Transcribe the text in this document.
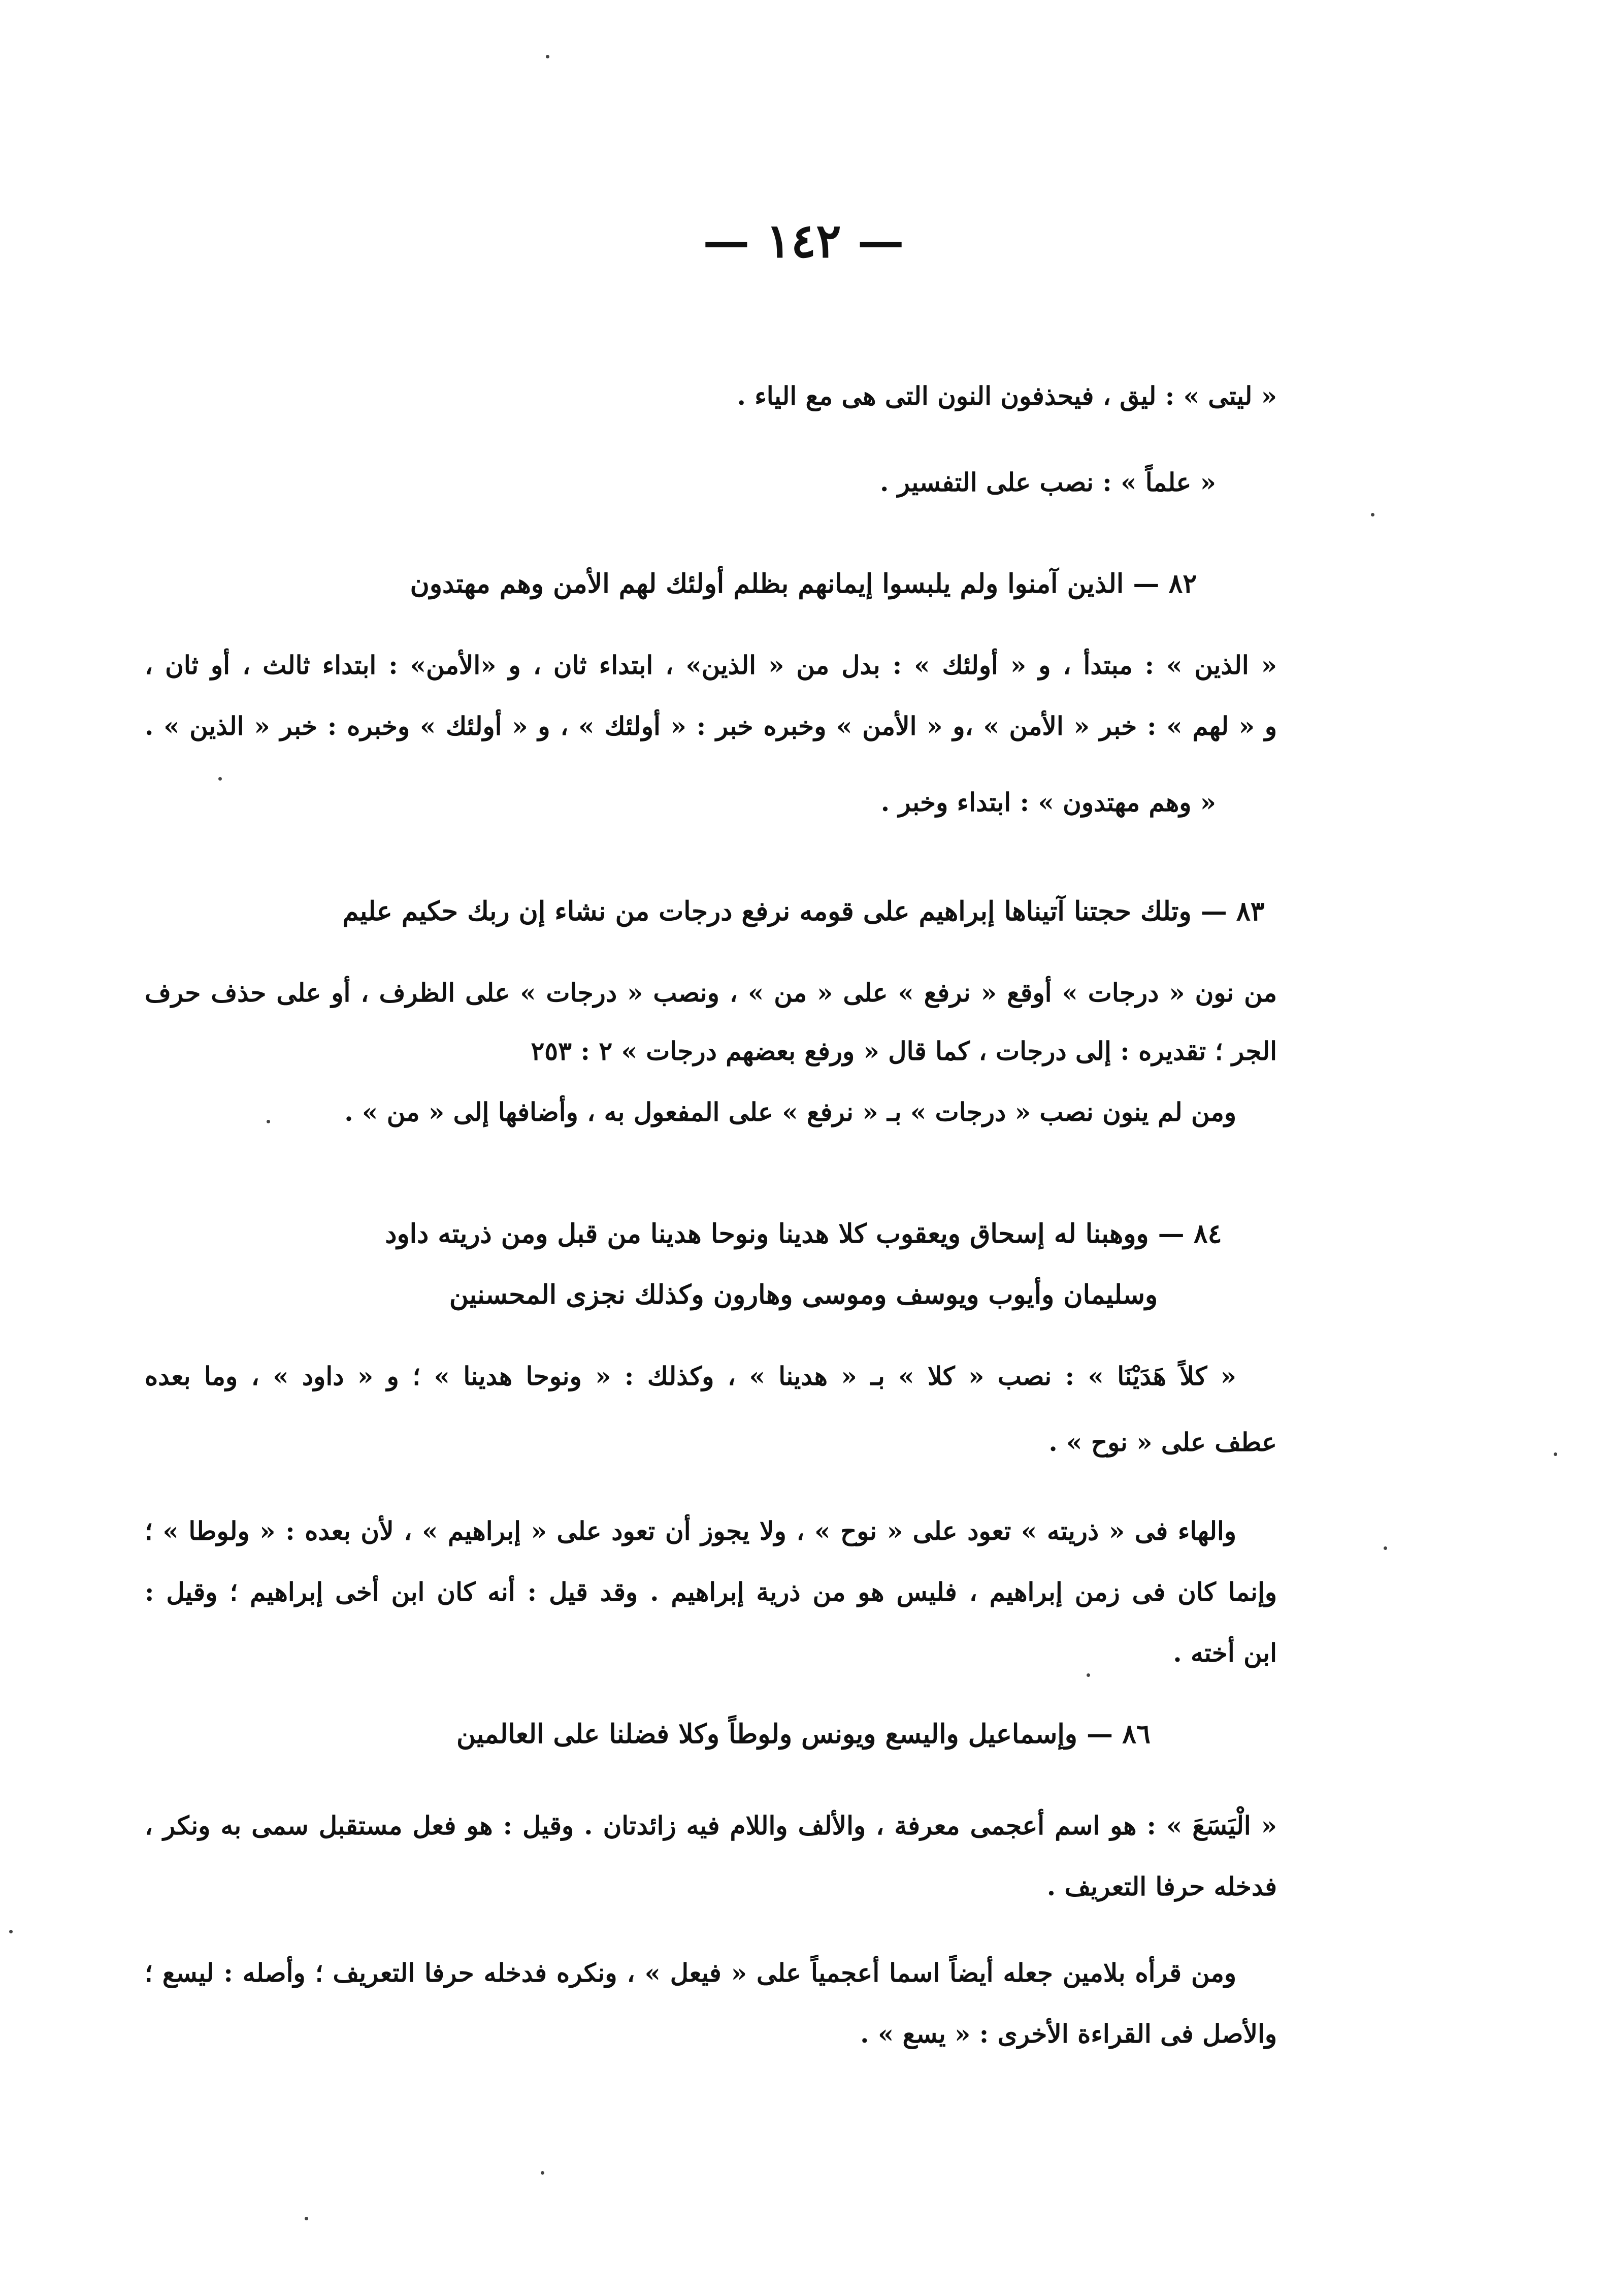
— ١٤٢ —
« ليتى » : ليق ، فيحذفون النون التى هى مع الياء .
« علماً » : نصب على التفسير .
٨٢ — الذين آمنوا ولم يلبسوا إيمانهم بظلم أولئك لهم الأمن وهم مهتدون
« الذين » : مبتدأ ، و « أولئك » : بدل من « الذين» ، ابتداء ثان ، و «الأمن» : ابتداء ثالث ، أو ثان ،
و « لهم » : خبر « الأمن » ،و « الأمن » وخبره خبر : « أولئك » ، و « أولئك » وخبره : خبر « الذين » .
« وهم مهتدون » : ابتداء وخبر .
٨٣ — وتلك حجتنا آتيناها إبراهيم على قومه نرفع درجات من نشاء إن ربك حكيم عليم
من نون « درجات » أوقع « نرفع » على « من » ، ونصب « درجات » على الظرف ، أو على حذف حرف
الجر ؛ تقديره : إلى درجات ، كما قال « ورفع بعضهم درجات » ٢ : ٢٥٣
ومن لم ينون نصب « درجات » بـ « نرفع » على المفعول به ، وأضافها إلى « من » .
٨٤ — ووهبنا له إسحاق ويعقوب كلا هدينا ونوحا هدينا من قبل ومن ذريته داود
وسليمان وأيوب ويوسف وموسى وهارون وكذلك نجزى المحسنين
« كلاً هَدَيْنَا » : نصب « كلا » بـ « هدينا » ، وكذلك : « ونوحا هدينا » ؛ و « داود » ، وما بعده
عطف على « نوح » .
والهاء فى « ذريته » تعود على « نوح » ، ولا يجوز أن تعود على « إبراهيم » ، لأن بعده : « ولوطا » ؛
وإنما كان فى زمن إبراهيم ، فليس هو من ذرية إبراهيم . وقد قيل : أنه كان ابن أخى إبراهيم ؛ وقيل :
ابن أخته .
٨٦ — وإسماعيل واليسع ويونس ولوطاً وكلا فضلنا على العالمين
« الْيَسَعَ » : هو اسم أعجمى معرفة ، والألف واللام فيه زائدتان . وقيل : هو فعل مستقبل سمى به ونكر ،
فدخله حرفا التعريف .
ومن قرأه بلامين جعله أيضاً اسما أعجمياً على « فيعل » ، ونكره فدخله حرفا التعريف ؛ وأصله : ليسع ؛
والأصل فى القراءة الأخرى : « يسع » .
